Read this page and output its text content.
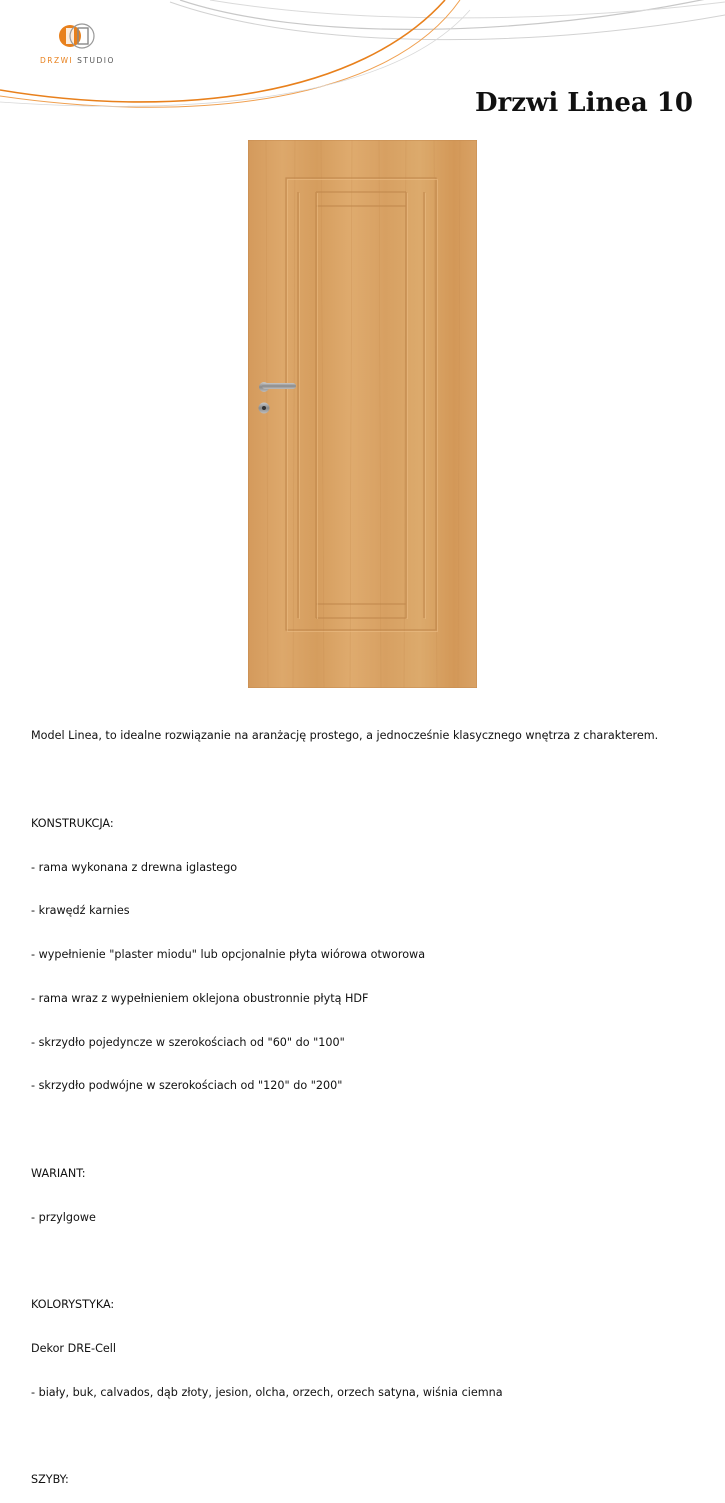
DRZWI STUDIO
Drzwi Linea 10

Model Linea, to idealne rozwiązanie na aranżację prostego, a jednocześnie klasycznego wnętrza z charakterem.

KONSTRUKCJA:

- rama wykonana z drewna iglastego

- krawędź karnies

- wypełnienie "plaster miodu" lub opcjonalnie płyta wiórowa otworowa

- rama wraz z wypełnieniem oklejona obustronnie płytą HDF

- skrzydło pojedyncze w szerokościach od "60" do "100"

- skrzydło podwójne w szerokościach od "120" do "200"

WARIANT:

- przylgowe

KOLORYSTYKA:

Dekor DRE-Cell

- biały, buk, calvados, dąb złoty, jesion, olcha, orzech, orzech satyna, wiśnia ciemna

SZYBY:
